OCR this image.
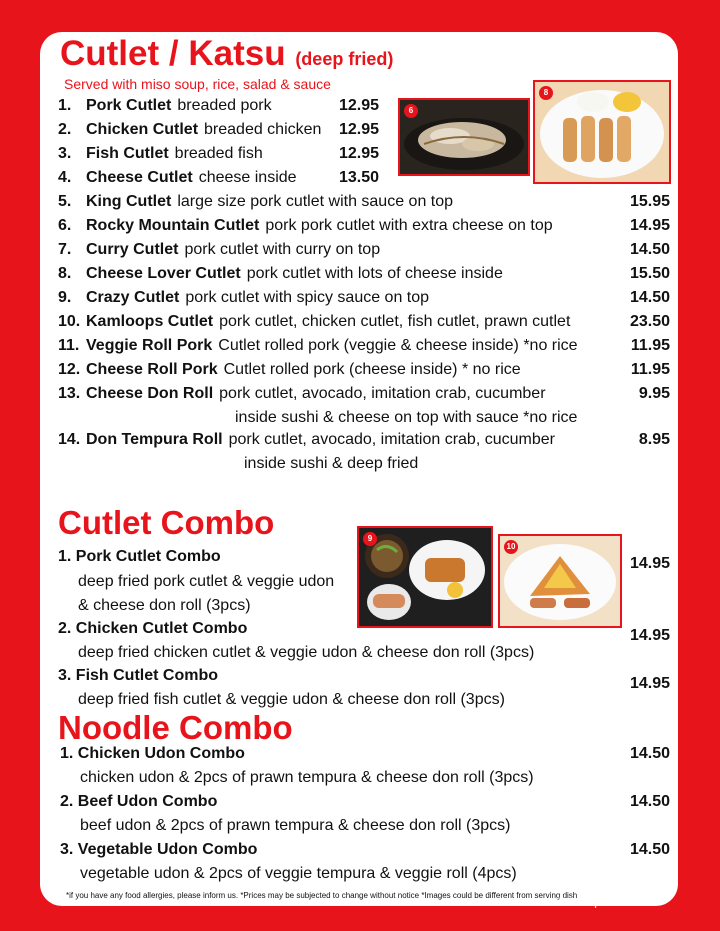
Cutlet / Katsu (deep fried)
Served with miso soup, rice, salad & sauce
1. Pork Cutlet breaded pork	12.95
2. Chicken Cutlet breaded chicken 12.95
3. Fish Cutlet breaded fish	12.95
4. Cheese Cutlet cheese inside	13.50
5. King Cutlet large size pork cutlet with sauce on top	15.95
6. Rocky Mountain Cutlet pork pork cutlet with extra cheese on top	14.95
7. Curry Cutlet pork cutlet with curry on top	14.50
8. Cheese Lover Cutlet pork cutlet with lots of cheese inside	15.50
9. Crazy Cutlet pork cutlet with spicy sauce on top	14.50
10. Kamloops Cutlet pork cutlet, chicken cutlet, fish cutlet, prawn cutlet	23.50
11. Veggie Roll Pork Cutlet rolled pork (veggie & cheese inside) *no rice	11.95
12. Cheese Roll Pork Cutlet rolled pork (cheese inside) * no rice	11.95
13. Cheese Don Roll pork cutlet, avocado, imitation crab, cucumber
inside sushi & cheese on top with sauce *no rice
9.95
14. Don Tempura Roll pork cutlet, avocado, imitation crab, cucumber
inside sushi & deep fried
8.95
6
8
Cutlet Combo
1. Pork Cutlet Combo
deep fried pork cutlet & veggie udon
& cheese don roll (3pcs)
14.95
2. Chicken Cutlet Combo
deep fried chicken cutlet & veggie udon & cheese don roll (3pcs)
14.95
3. Fish Cutlet Combo
deep fried fish cutlet & veggie udon & cheese don roll (3pcs)
14.95
9
10
Noodle Combo
1. Chicken Udon Combo
chicken udon & 2pcs of prawn tempura & cheese don roll (3pcs)
14.50
2. Beef Udon Combo
beef udon & 2pcs of prawn tempura & cheese don roll (3pcs)
14.50
3. Vegetable Udon Combo
vegetable udon & 2pcs of veggie tempura & veggie roll (4pcs)
14.50
*if you have any food allergies, please inform us. *Prices may be subjected to change without notice *Images could be different from serving dish
menupix
